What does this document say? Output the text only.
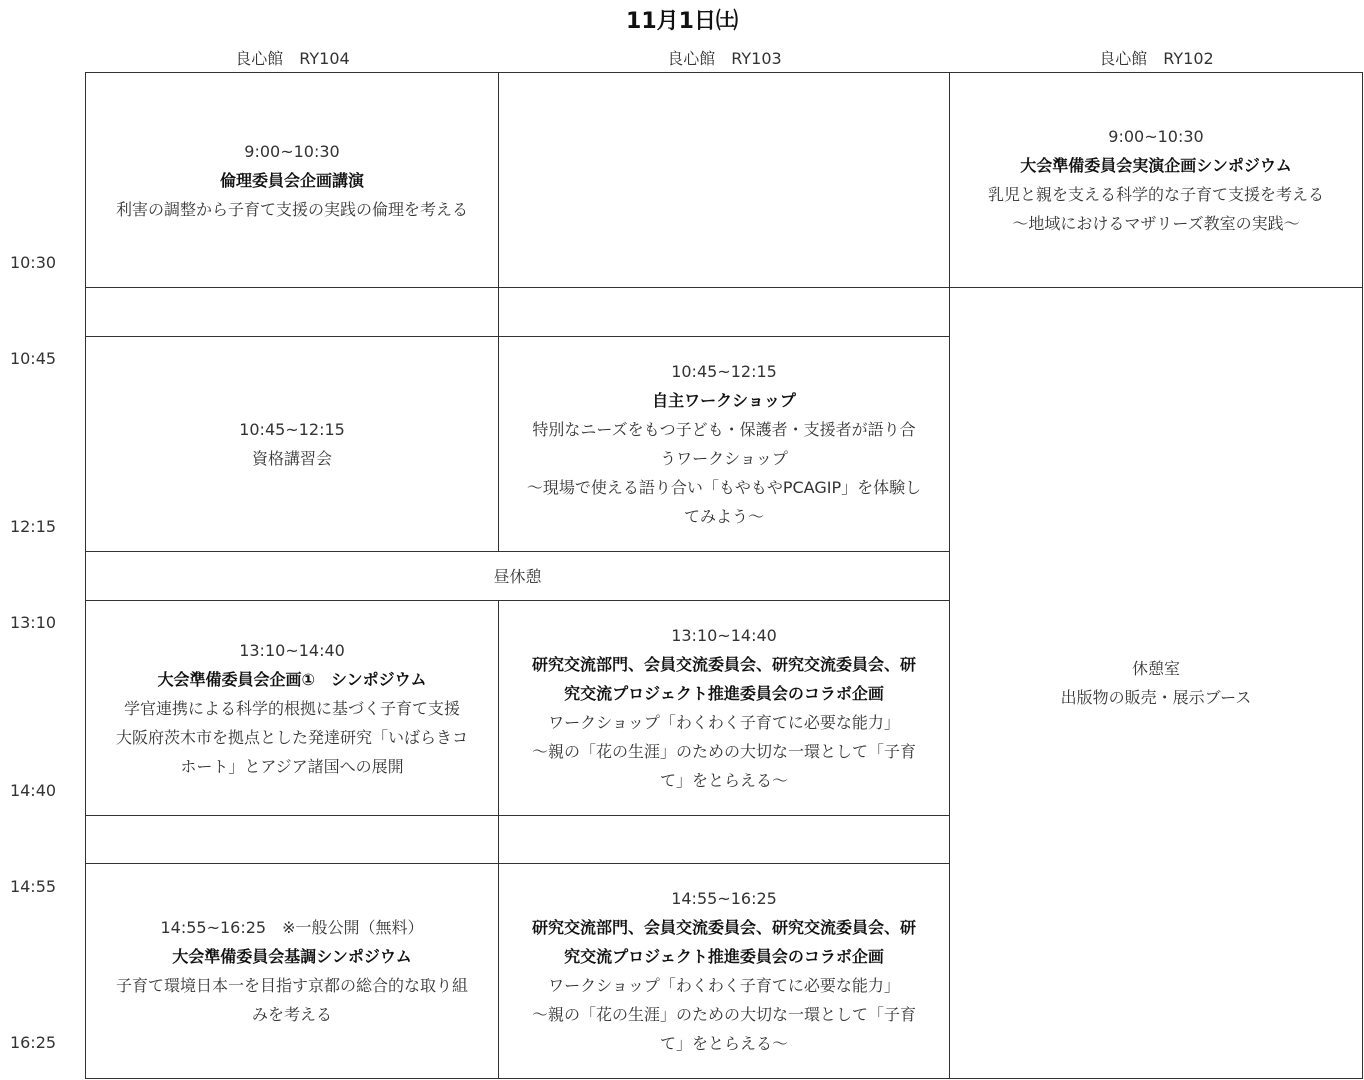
11月1日㈯
良心館　RY104	良心館　RY103	良心館　RY102
10:30
10:45
12:15
13:10
14:40
14:55
16:25
9:00~10:30
倫理委員会企画講演
利害の調整から子育て支援の実践の倫理を考える
9:00~10:30
大会準備委員会実演企画シンポジウム
乳児と親を支える科学的な子育て支援を考える
〜地域におけるマザリーズ教室の実践〜
休憩室
出版物の販売・展示ブース
10:45~12:15
資格講習会
10:45~12:15
自主ワークショップ
特別なニーズをもつ子ども・保護者・支援者が語り合
うワークショップ
〜現場で使える語り合い「もやもやPCAGIP」を体験し
てみよう〜
昼休憩
13:10~14:40
大会準備委員会企画①　シンポジウム
学官連携による科学的根拠に基づく子育て支援
大阪府茨木市を拠点とした発達研究「いばらきコ
ホート」とアジア諸国への展開
13:10~14:40
研究交流部門、会員交流委員会、研究交流委員会、研
究交流プロジェクト推進委員会のコラボ企画
ワークショップ「わくわく子育てに必要な能力」
〜親の「花の生涯」のための大切な一環として「子育
て」をとらえる〜
14:55~16:25　※一般公開（無料）
大会準備委員会基調シンポジウム
子育て環境日本一を目指す京都の総合的な取り組
みを考える
14:55~16:25
研究交流部門、会員交流委員会、研究交流委員会、研
究交流プロジェクト推進委員会のコラボ企画
ワークショップ「わくわく子育てに必要な能力」
〜親の「花の生涯」のための大切な一環として「子育
て」をとらえる〜
